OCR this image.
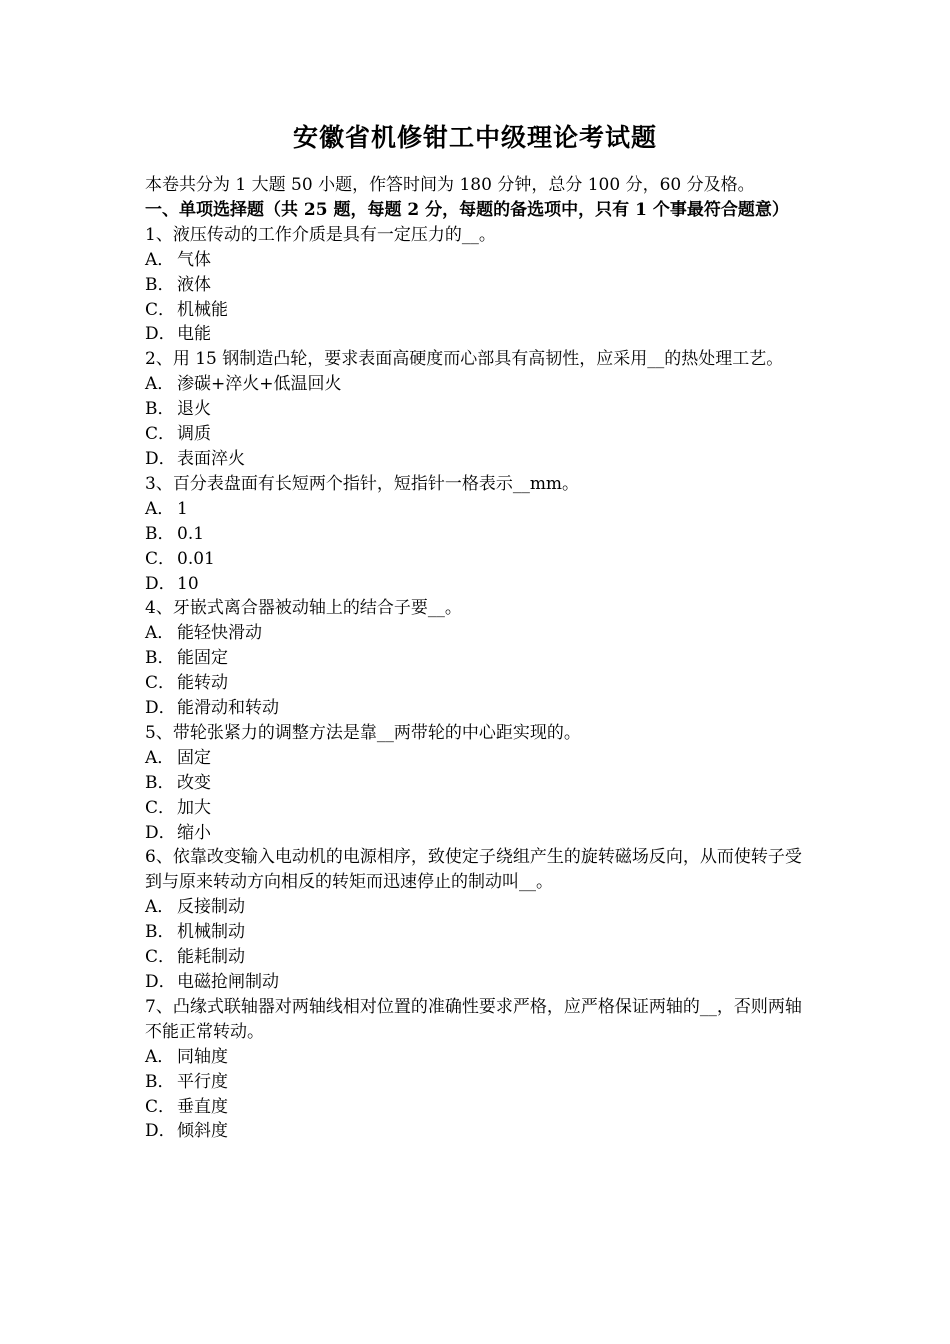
安徽省机修钳工中级理论考试题

本卷共分为 1 大题 50 小题，作答时间为 180 分钟，总分 100 分，60 分及格。

一、单项选择题（共 25 题，每题 2 分，每题的备选项中，只有 1 个事最符合题意）

1、液压传动的工作介质是具有一定压力的__。

A． 气体

B． 液体

C． 机械能

D．电能

2、用 15 钢制造凸轮，要求表面高硬度而心部具有高韧性，应采用__的热处理工艺。

A． 渗碳+淬火+低温回火

B． 退火

C． 调质

D．表面淬火

3、百分表盘面有长短两个指针，短指针一格表示__mm。

A． 1

B． 0.1

C． 0.01

D．10

4、牙嵌式离合器被动轴上的结合子要__。

A． 能轻快滑动

B． 能固定

C． 能转动

D．能滑动和转动

5、带轮张紧力的调整方法是靠__两带轮的中心距实现的。

A． 固定

B． 改变

C． 加大

D．缩小

6、依靠改变输入电动机的电源相序，致使定子绕组产生的旋转磁场反向，从而使转子受到与原来转动方向相反的转矩而迅速停止的制动叫__。

A． 反接制动

B． 机械制动

C． 能耗制动

D．电磁抢闸制动

7、凸缘式联轴器对两轴线相对位置的准确性要求严格，应严格保证两轴的__，否则两轴不能正常转动。

A． 同轴度

B． 平行度

C． 垂直度

D．倾斜度
